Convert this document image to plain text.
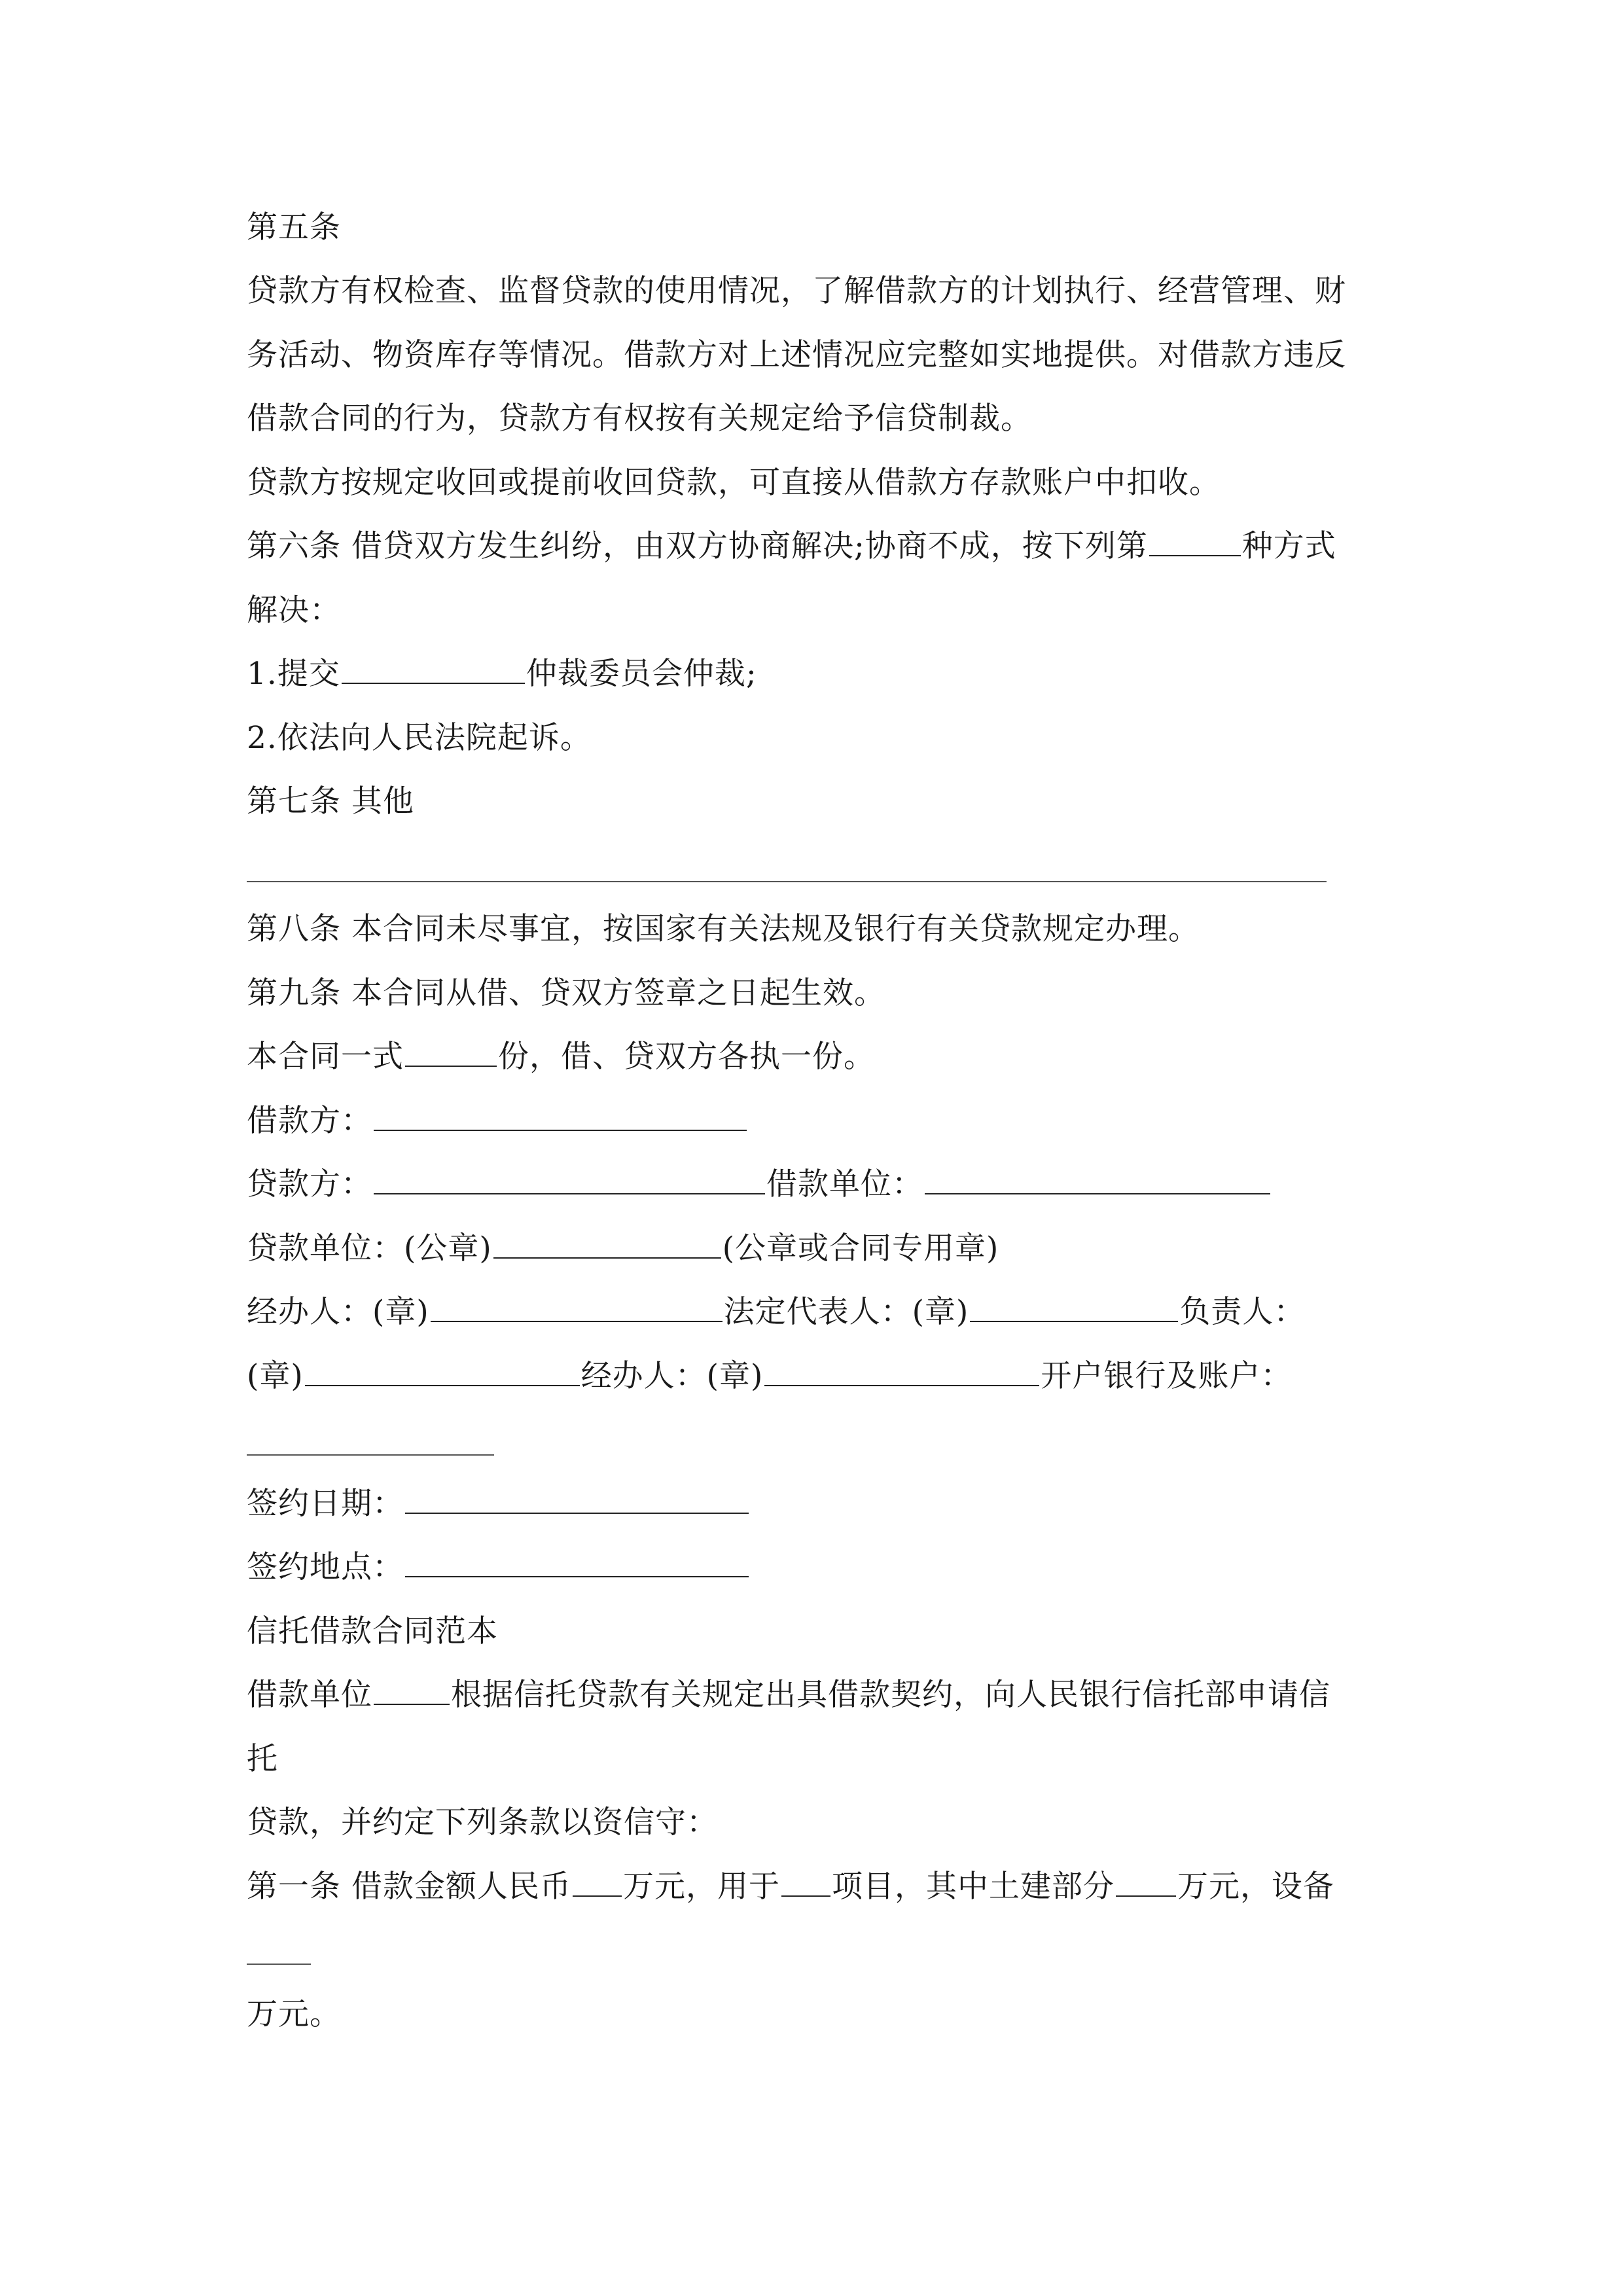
第五条
贷款方有权检查、监督贷款的使用情况，了解借款方的计划执行、经营管理、财
务活动、物资库存等情况。借款方对上述情况应完整如实地提供。对借款方违反
借款合同的行为，贷款方有权按有关规定给予信贷制裁。
贷款方按规定收回或提前收回贷款，可直接从借款方存款账户中扣收。
第六条 借贷双方发生纠纷，由双方协商解决;协商不成，按下列第	种方式
解决：
1.提交	仲裁委员会仲裁;
2.依法向人民法院起诉。
第七条 其他
第八条 本合同未尽事宜，按国家有关法规及银行有关贷款规定办理。
第九条 本合同从借、贷双方签章之日起生效。
本合同一式	份，借、贷双方各执一份。
借款方：
贷款方：	借款单位：
贷款单位：(公章)	(公章或合同专用章)
经办人：(章)	法定代表人：(章)	负责人：
(章)	经办人：(章)	开户银行及账户：
签约日期：
签约地点：
信托借款合同范本
借款单位	根据信托贷款有关规定出具借款契约，向人民银行信托部申请信
托
贷款，并约定下列条款以资信守：
第一条 借款金额人民币 万元，用于 项目，其中土建部分 万元，设备
万元。
